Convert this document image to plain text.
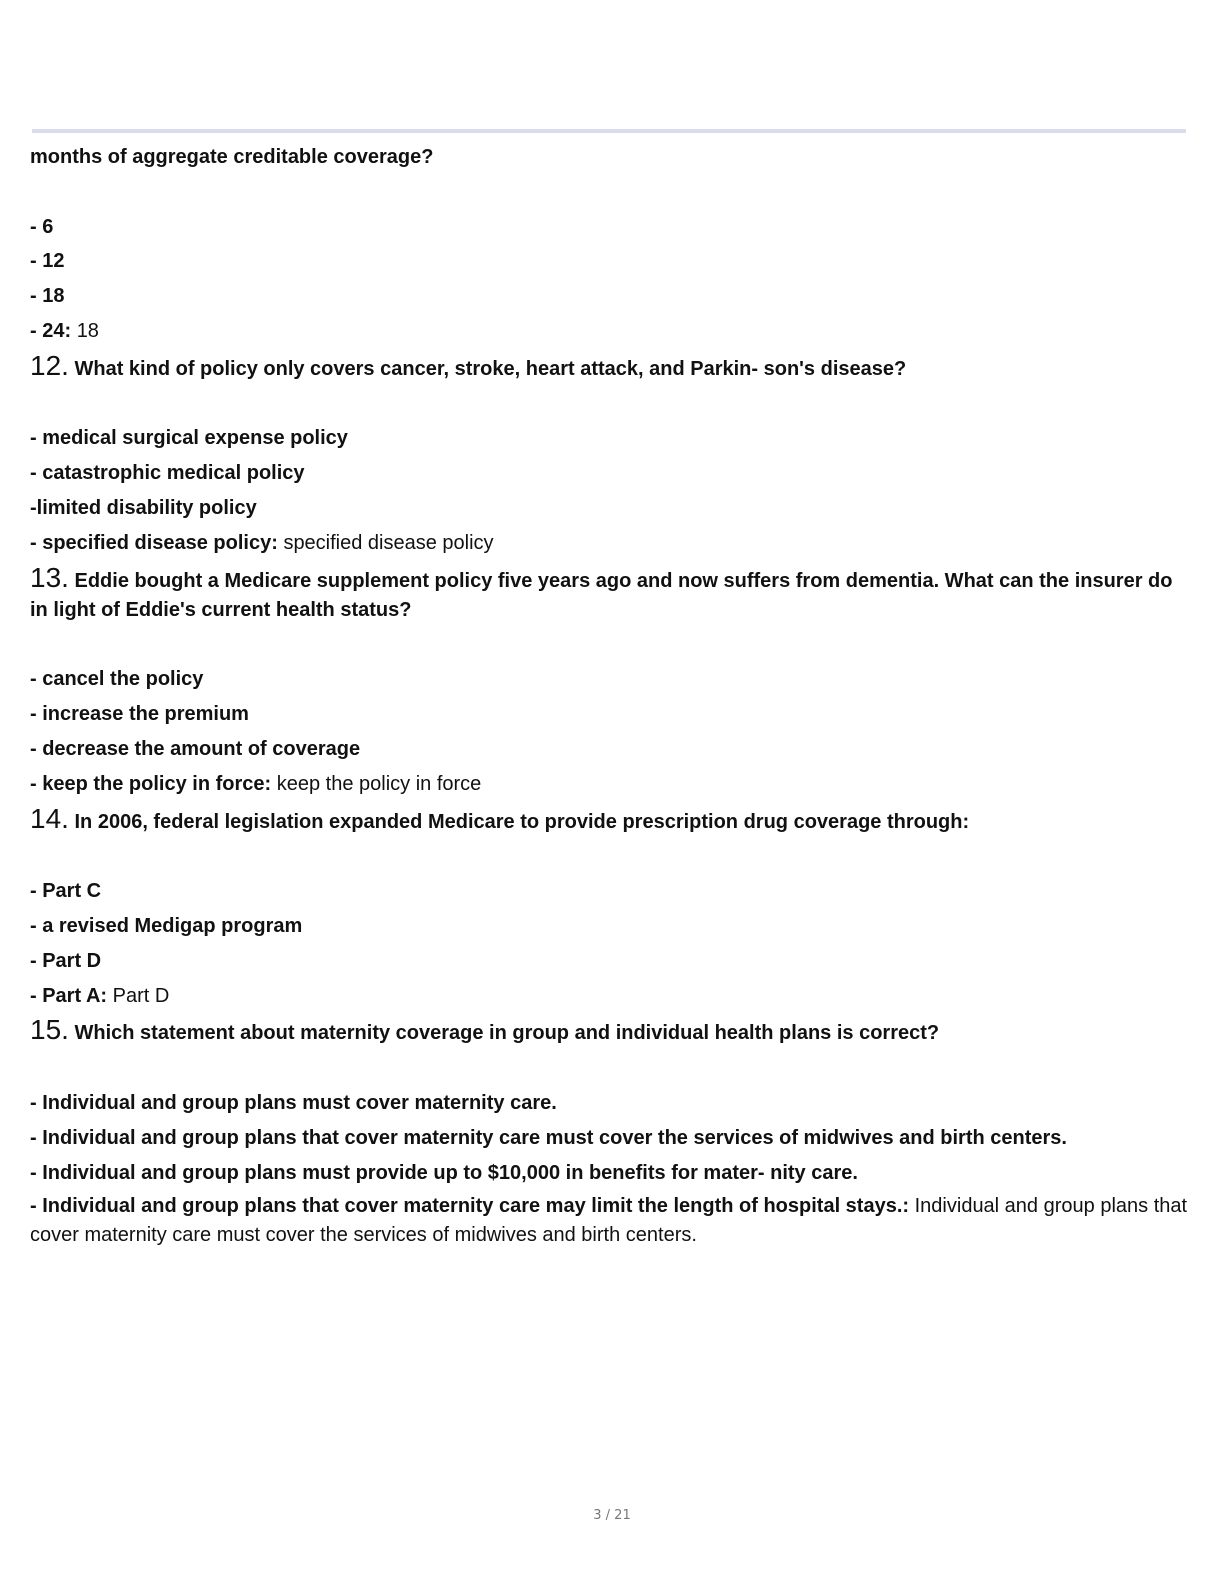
months of aggregate creditable coverage?
- 6
- 12
- 18
- 24: 18
12. What kind of policy only covers cancer, stroke, heart attack, and Parkin- son's disease?
- medical surgical expense policy
- catastrophic medical policy
-limited disability policy
- specified disease policy: specified disease policy
13. Eddie bought a Medicare supplement policy five years ago and now suffers from dementia. What can the insurer do in light of Eddie's current health status?
- cancel the policy
- increase the premium
- decrease the amount of coverage
- keep the policy in force: keep the policy in force
14. In 2006, federal legislation expanded Medicare to provide prescription drug coverage through:
- Part C
- a revised Medigap program
- Part D
- Part A: Part D
15. Which statement about maternity coverage in group and individual health plans is correct?
- Individual and group plans must cover maternity care.
- Individual and group plans that cover maternity care must cover the services of midwives and birth centers.
- Individual and group plans must provide up to $10,000 in benefits for mater- nity care.
- Individual and group plans that cover maternity care may limit the length of hospital stays.: Individual and group plans that cover maternity care must cover the services of midwives and birth centers.
3 / 21
